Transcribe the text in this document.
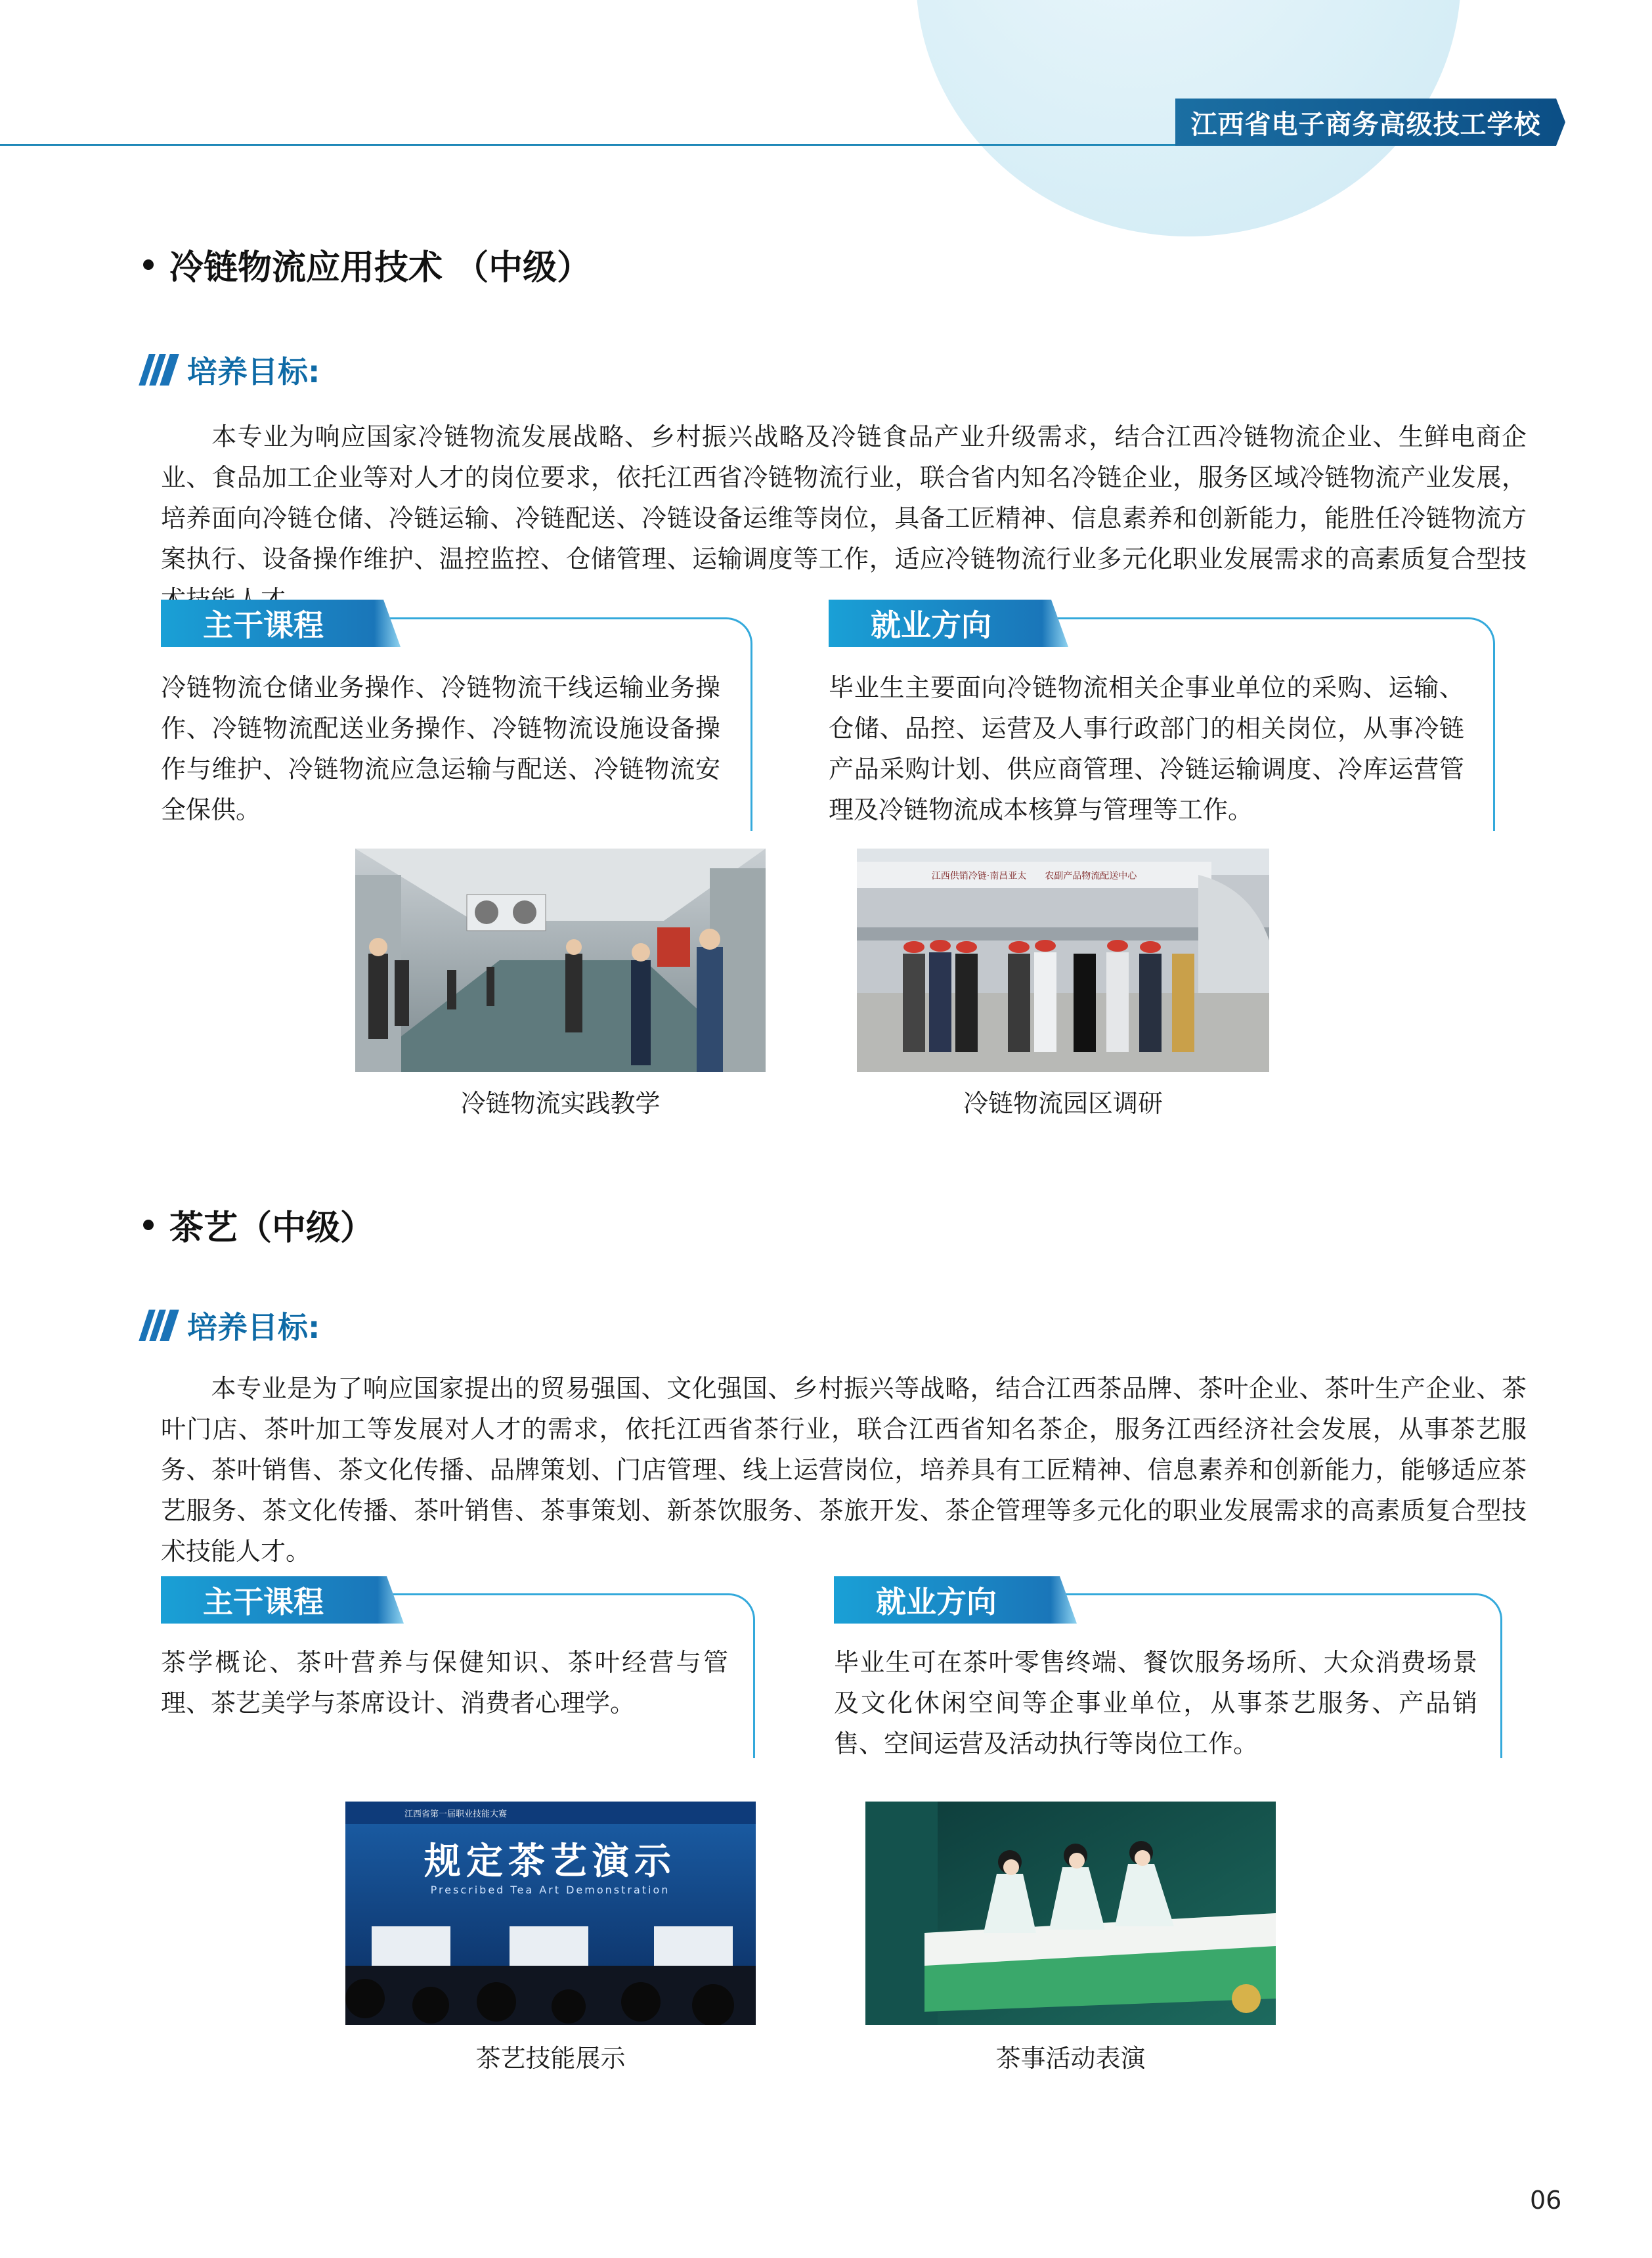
江西省电子商务高级技工学校
冷链物流应用技术 （中级）
培养目标:
本专业为响应国家冷链物流发展战略、乡村振兴战略及冷链食品产业升级需求，结合江西冷链物流企业、生鲜电商企业、食品加工企业等对人才的岗位要求，依托江西省冷链物流行业，联合省内知名冷链企业，服务区域冷链物流产业发展，培养面向冷链仓储、冷链运输、冷链配送、冷链设备运维等岗位，具备工匠精神、信息素养和创新能力，能胜任冷链物流方案执行、设备操作维护、温控监控、仓储管理、运输调度等工作，适应冷链物流行业多元化职业发展需求的高素质复合型技
主干课程
冷链物流仓储业务操作、冷链物流干线运输业务操作、冷链物流配送业务操作、冷链物流设施设备操作与维护、冷链物流应急运输与配送、冷链物流安全保供。
就业方向
毕业生主要面向冷链物流相关企事业单位的采购、运输、仓储、品控、运营及人事行政部门的相关岗位，从事冷链产品采购计划、供应商管理、冷链运输调度、冷库运营管理及冷链物流成本核算与管理等工作。
冷链物流实践教学
江西供销冷链·南昌亚太　　农副产品物流配送中心
冷链物流园区调研
茶艺（中级）
培养目标:
本专业是为了响应国家提出的贸易强国、文化强国、乡村振兴等战略，结合江西茶品牌、茶叶企业、茶叶生产企业、茶叶门店、茶叶加工等发展对人才的需求，依托江西省茶行业，联合江西省知名茶企，服务江西经济社会发展，从事茶艺服务、茶叶销售、茶文化传播、品牌策划、门店管理、线上运营岗位，培养具有工匠精神、信息素养和创新能力，能够适应茶艺服务、茶文化传播、茶叶销售、茶事策划、新茶饮服务、茶旅开发、茶企管理等多元化的职业发展需求的高素质复合型技术技能人才。
主干课程
茶学概论、茶叶营养与保健知识、茶叶经营与管理、茶艺美学与茶席设计、消费者心理学。
就业方向
毕业生可在茶叶零售终端、餐饮服务场所、大众消费场景及文化休闲空间等企事业单位，从事茶艺服务、产品销售、空间运营及活动执行等岗位工作。
江西省第一届职业技能大赛
规定茶艺演示
Prescribed Tea Art Demonstration
茶艺技能展示	茶事活动表演
06
